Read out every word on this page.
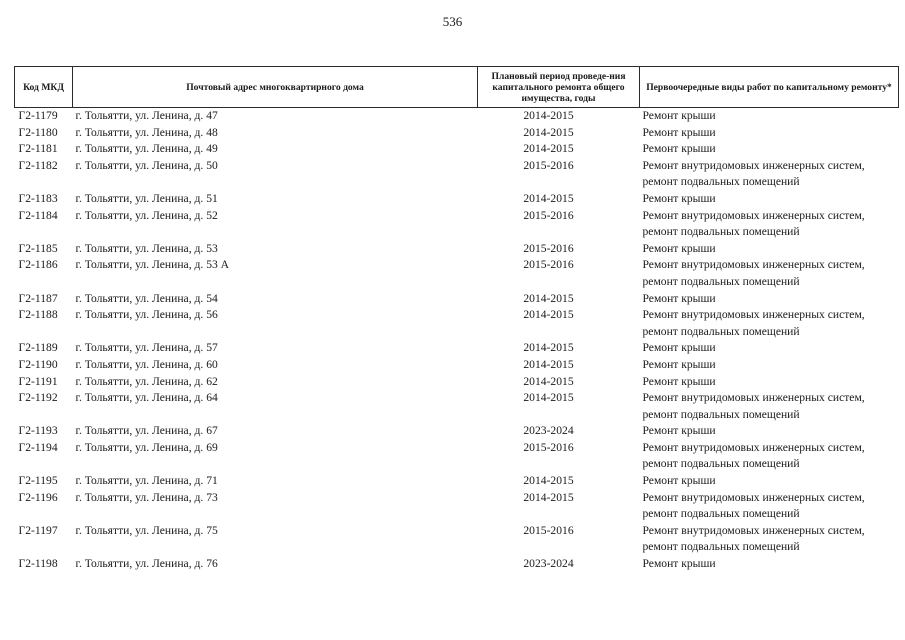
536
Код МКД	Почтовый адрес многоквартирного дома	Плановый период проведе-ния капитального ремонта общего имущества, годы	Первоочередные виды работ по капитальному ремонту*
Г2-1179	г. Тольятти, ул. Ленина, д. 47	2014-2015	Ремонт крыши

Г2-1180	г. Тольятти, ул. Ленина, д. 48	2014-2015	Ремонт крыши

Г2-1181	г. Тольятти, ул. Ленина, д. 49	2014-2015	Ремонт крыши

Г2-1182	г. Тольятти, ул. Ленина, д. 50	2015-2016	Ремонт внутридомовых инженерных систем,
ремонт подвальных помещений

Г2-1183	г. Тольятти, ул. Ленина, д. 51	2014-2015	Ремонт крыши

Г2-1184	г. Тольятти, ул. Ленина, д. 52	2015-2016	Ремонт внутридомовых инженерных систем,
ремонт подвальных помещений

Г2-1185	г. Тольятти, ул. Ленина, д. 53	2015-2016	Ремонт крыши

Г2-1186	г. Тольятти, ул. Ленина, д. 53 А	2015-2016	Ремонт внутридомовых инженерных систем,
ремонт подвальных помещений

Г2-1187	г. Тольятти, ул. Ленина, д. 54	2014-2015	Ремонт крыши

Г2-1188	г. Тольятти, ул. Ленина, д. 56	2014-2015	Ремонт внутридомовых инженерных систем,
ремонт подвальных помещений

Г2-1189	г. Тольятти, ул. Ленина, д. 57	2014-2015	Ремонт крыши

Г2-1190	г. Тольятти, ул. Ленина, д. 60	2014-2015	Ремонт крыши

Г2-1191	г. Тольятти, ул. Ленина, д. 62	2014-2015	Ремонт крыши

Г2-1192	г. Тольятти, ул. Ленина, д. 64	2014-2015	Ремонт внутридомовых инженерных систем,
ремонт подвальных помещений

Г2-1193	г. Тольятти, ул. Ленина, д. 67	2023-2024	Ремонт крыши

Г2-1194	г. Тольятти, ул. Ленина, д. 69	2015-2016	Ремонт внутридомовых инженерных систем,
ремонт подвальных помещений

Г2-1195	г. Тольятти, ул. Ленина, д. 71	2014-2015	Ремонт крыши

Г2-1196	г. Тольятти, ул. Ленина, д. 73	2014-2015	Ремонт внутридомовых инженерных систем,
ремонт подвальных помещений

Г2-1197	г. Тольятти, ул. Ленина, д. 75	2015-2016	Ремонт внутридомовых инженерных систем,
ремонт подвальных помещений

Г2-1198	г. Тольятти, ул. Ленина, д. 76	2023-2024	Ремонт крыши
